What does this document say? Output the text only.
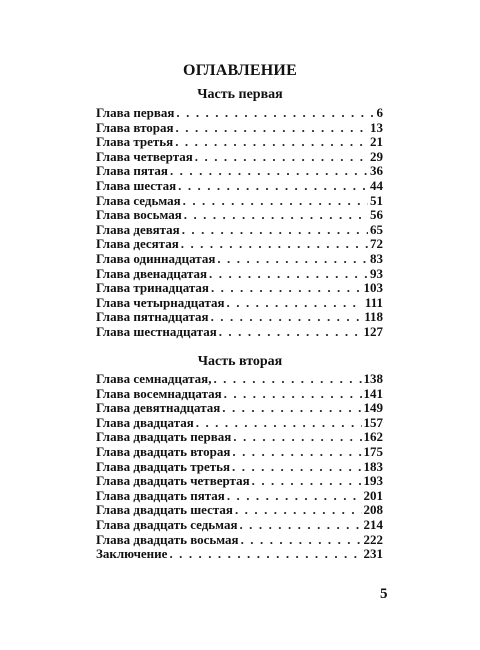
ОГЛАВЛЕНИЕ
Часть первая
Глава первая . . .	6
Глава вторая . . .	13
Глава третья . . .	21
Глава четвертая . . .	29
Глава пятая . . .	36
Глава шестая . . .	44
Глава седьмая . . .	51
Глава восьмая . . .	56
Глава девятая . . .	65
Глава десятая . . .	72
Глава одиннадцатая . . .	83
Глава двенадцатая . . .	93
Глава тринадцатая . . .	103
Глава четырнадцатая . . .	111
Глава пятнадцатая . . .	118
Глава шестнадцатая . . .	127
Часть вторая
Глава семнадцатая, . . .	138
Глава восемнадцатая . . .	141
Глава девятнадцатая . . .	149
Глава двадцатая . . .	157
Глава двадцать первая . . .	162
Глава двадцать вторая . . .	175
Глава двадцать третья . . .	183
Глава двадцать четвертая . . .	193
Глава двадцать пятая . . .	201
Глава двадцать шестая . . .	208
Глава двадцать седьмая . . .	214
Глава двадцать восьмая . . .	222
Заключение . . .	231
5
